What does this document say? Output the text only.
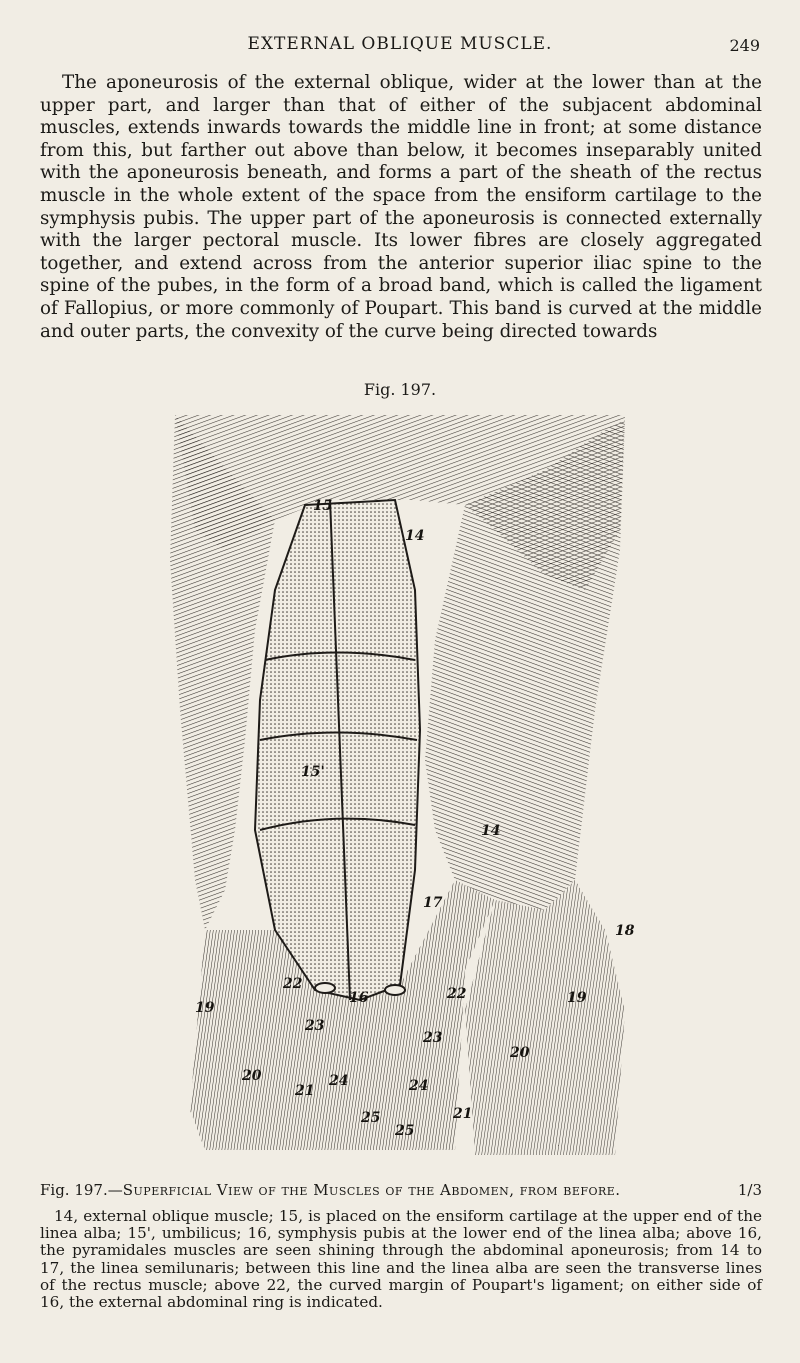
EXTERNAL OBLIQUE MUSCLE.	249

The aponeurosis of the external oblique, wider at the lower than at the upper part, and larger than that of either of the subjacent abdominal muscles, extends inwards towards the middle line in front; at some distance from this, but farther out above than below, it becomes inseparably united with the aponeurosis beneath, and forms a part of the sheath of the rectus muscle in the whole extent of the space from the ensiform cartilage to the symphysis pubis. The upper part of the aponeurosis is connected externally with the larger pectoral muscle. Its lower fibres are closely aggregated together, and extend across from the anterior superior iliac spine to the spine of the pubes, in the form of a broad band, which is called the ligament of Fallopius, or more commonly of Poupart. This band is curved at the middle and outer parts, the convexity of the curve being directed towards

Fig. 197.
15
14
15'
14
17
18
19
22
16	22	19
23
23
20
20
21
24	24
25
25
21
Fig. 197.—Superficial View of the Muscles of the Abdomen, from before.	1/3

14, external oblique muscle; 15, is placed on the ensiform cartilage at the upper end of the linea alba; 15', umbilicus; 16, symphysis pubis at the lower end of the linea alba; above 16, the pyramidales muscles are seen shining through the abdominal aponeurosis; from 14 to 17, the linea semilunaris; between this line and the linea alba are seen the transverse lines of the rectus muscle; above 22, the curved margin of Poupart's ligament; on either side of 16, the external abdominal ring is indicated.
